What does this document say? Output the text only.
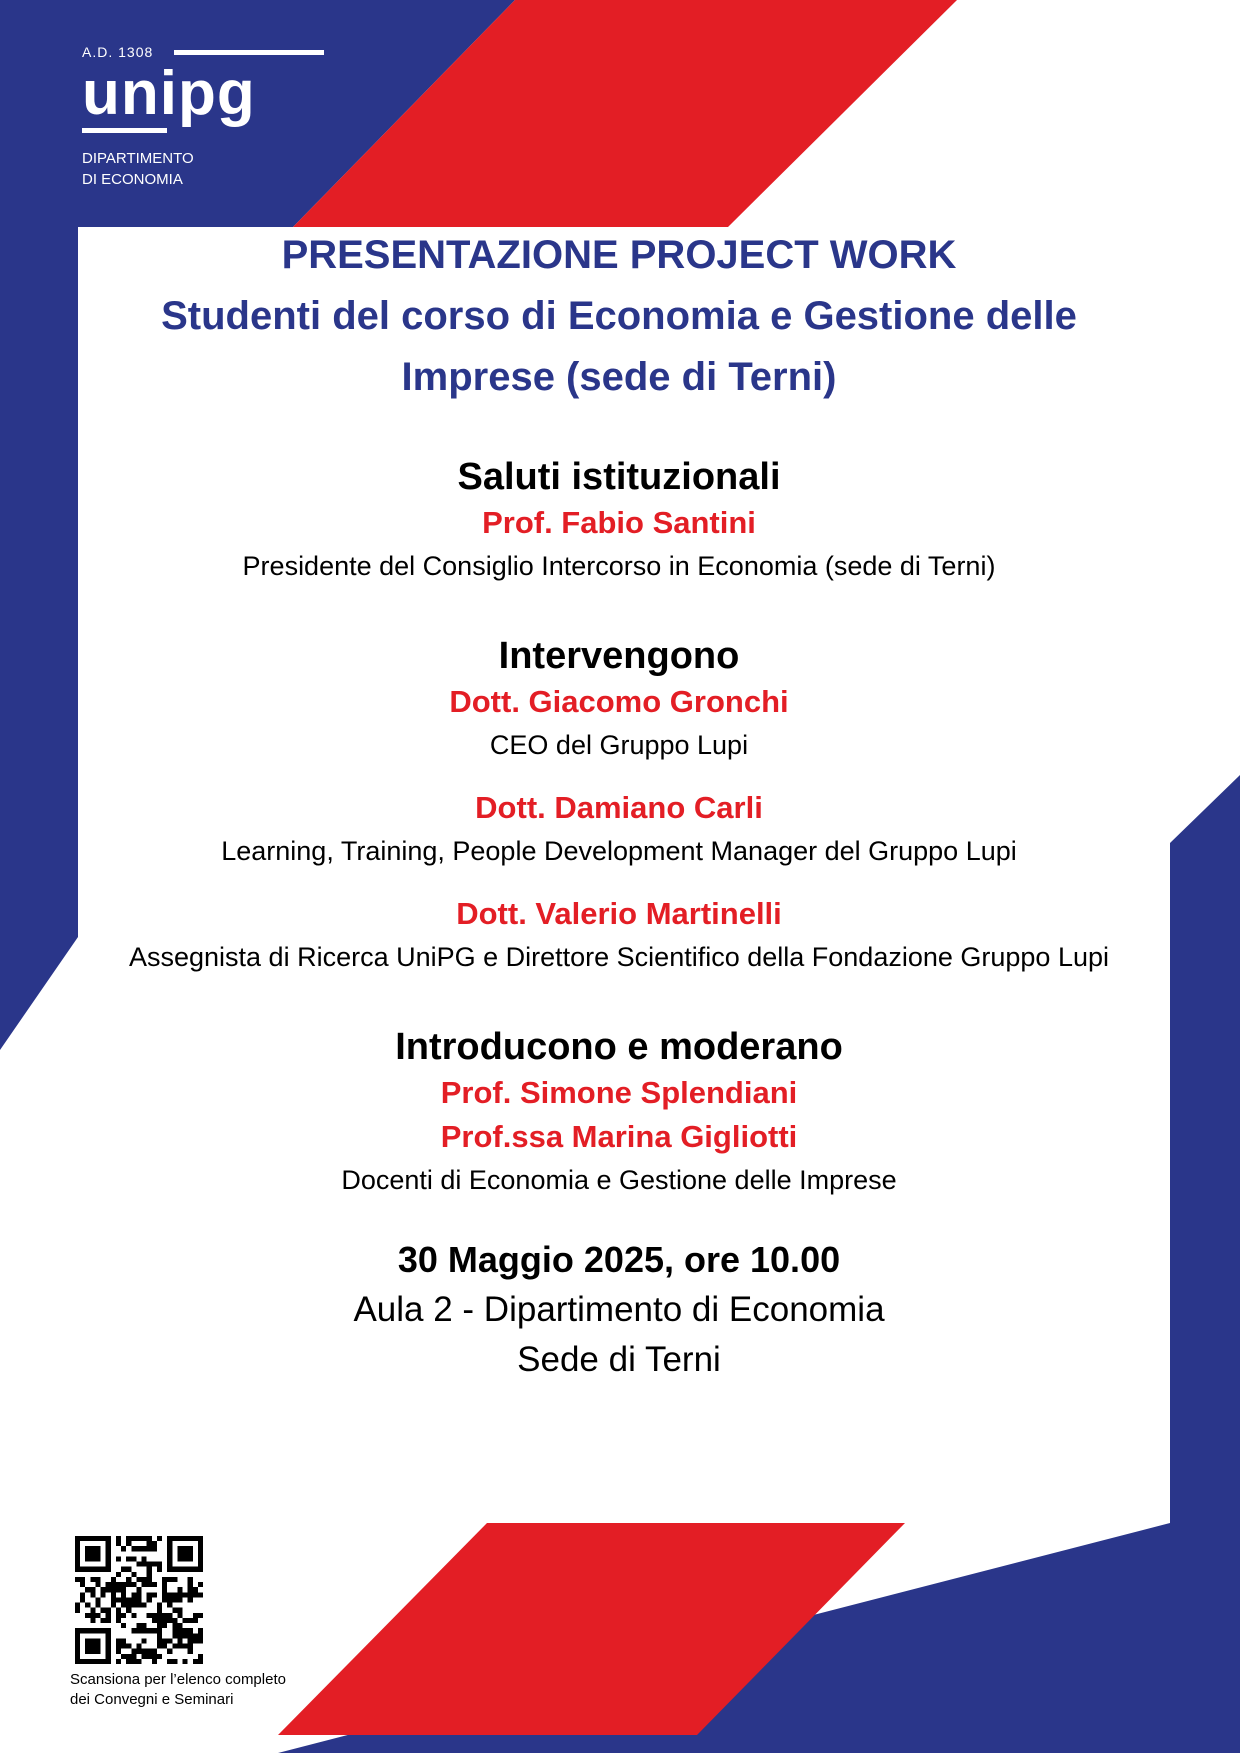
A.D. 1308
unipg
DIPARTIMENTO
DI ECONOMIA
PRESENTAZIONE PROJECT WORK
Studenti del corso di Economia e Gestione delle
Imprese (sede di Terni)
Saluti istituzionali
Prof. Fabio Santini
Presidente del Consiglio Intercorso in Economia (sede di Terni)
Intervengono
Dott. Giacomo Gronchi
CEO del Gruppo Lupi
Dott. Damiano Carli
Learning, Training, People Development Manager del Gruppo Lupi
Dott. Valerio Martinelli
Assegnista di Ricerca UniPG e Direttore Scientifico della Fondazione Gruppo Lupi
Introducono e moderano
Prof. Simone Splendiani
Prof.ssa Marina Gigliotti
Docenti di Economia e Gestione delle Imprese
30 Maggio 2025, ore 10.00
Aula 2 - Dipartimento di Economia
Sede di Terni
Scansiona per l’elenco completo
dei Convegni e Seminari
